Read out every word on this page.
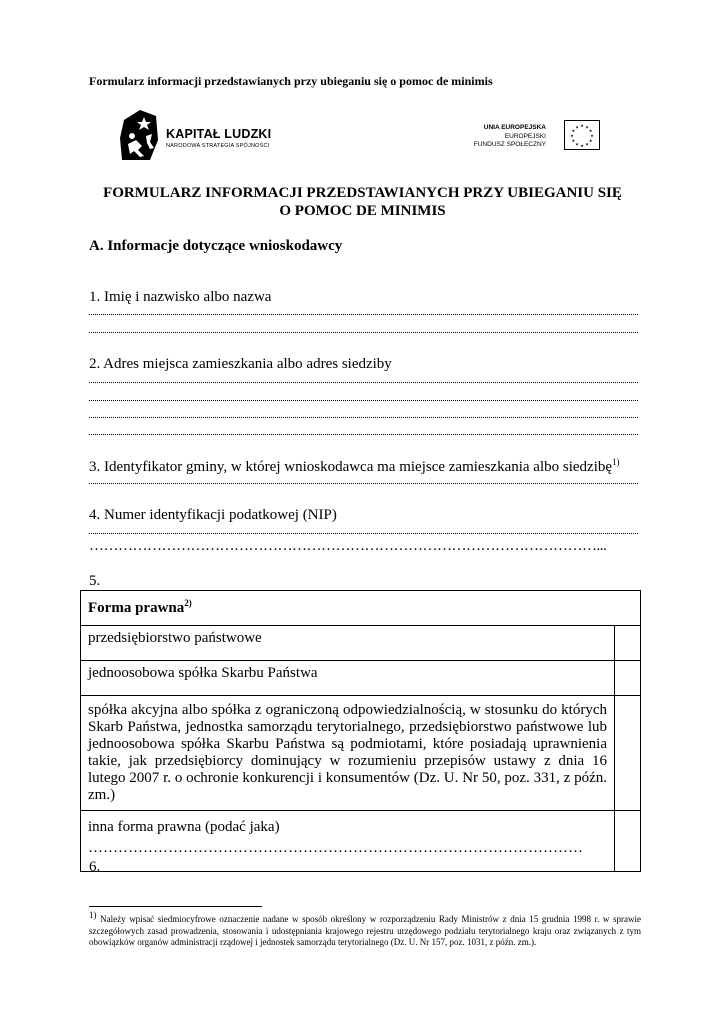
Formularz informacji przedstawianych przy ubieganiu się o pomoc de minimis
KAPITAŁ LUDZKI
NARODOWA STRATEGIA SPÓJNOŚCI
UNIA EUROPEJSKA
EUROPEJSKI
FUNDUSZ SPOŁECZNY
★ ★
★
★
★
★
★
★
★
★
★
★
FORMULARZ INFORMACJI PRZEDSTAWIANYCH PRZY UBIEGANIU SIĘ
O POMOC DE MINIMIS
A. Informacje dotyczące wnioskodawcy
1. Imię i nazwisko albo nazwa
2. Adres miejsca zamieszkania albo adres siedziby
3. Identyfikator gminy, w której wnioskodawca ma miejsce zamieszkania albo siedzibę$^{1)}$
4. Numer identyfikacji podatkowej (NIP)
……………………………………………………………………………………………...
5.
Forma prawna$^{2)}$
przedsiębiorstwo państwowe	
jednoosobowa spółka Skarbu Państwa	
spółka akcyjna albo spółka z ograniczoną odpowiedzialnością, w stosunku do których Skarb Państwa, jednostka samorządu terytorialnego, przedsiębiorstwo państwowe lub jednoosobowa spółka Skarbu Państwa są podmiotami, które posiadają uprawnienia takie, jak przedsiębiorcy dominujący w rozumieniu przepisów ustawy z dnia 16 lutego 2007 r. o ochronie konkurencji i konsumentów (Dz. U. Nr 50, poz. 331, z późn. zm.)	

inna forma prawna (podać jaka)
………………………………………………………………………………………	

6.
$^{1)}$ Należy wpisać siedmiocyfrowe oznaczenie nadane w sposób określony w rozporządzeniu Rady Ministrów z dnia 15 grudnia 1998 r. w sprawie szczegółowych zasad prowadzenia, stosowania i udostępniania krajowego rejestru urzędowego podziału terytorialnego kraju oraz związanych z tym obowiązków organów administracji rządowej i jednostek samorządu terytorialnego (Dz. U. Nr 157, poz. 1031, z późn. zm.).
